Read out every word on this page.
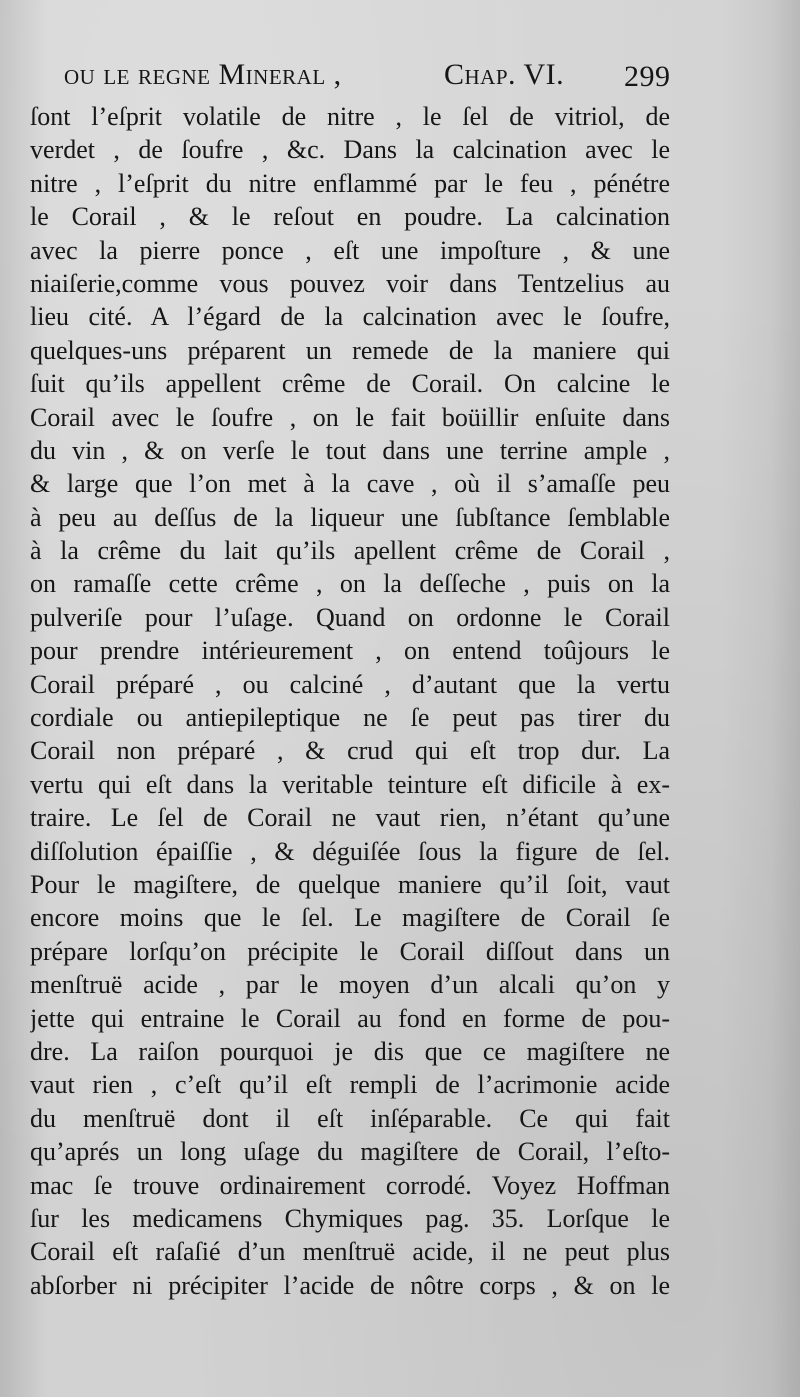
ou le regne Mineral ,	Chap. VI. 299
ſont l’eſprit volatile de nitre , le ſel de vitriol, de
verdet , de ſoufre , &c. Dans la calcination avec le
nitre , l’eſprit du nitre enflammé par le feu , pénétre
le Corail , & le reſout en poudre. La calcination
avec la pierre ponce , eſt une impoſture , & une
niaiſerie,comme vous pouvez voir dans Tentzelius au
lieu cité. A l’égard de la calcination avec le ſoufre,
quelques-uns préparent un remede de la maniere qui
ſuit qu’ils appellent crême de Corail. On calcine le
Corail avec le ſoufre , on le fait boüillir enſuite dans
du vin , & on verſe le tout dans une terrine ample ,
& large que l’on met à la cave , où il s’amaſſe peu
à peu au deſſus de la liqueur une ſubſtance ſemblable
à la crême du lait qu’ils apellent crême de Corail ,
on ramaſſe cette crême , on la deſſeche , puis on la
pulveriſe pour l’uſage. Quand on ordonne le Corail
pour prendre intérieurement , on entend toûjours le
Corail préparé , ou calciné , d’autant que la vertu
cordiale ou antiepileptique ne ſe peut pas tirer du
Corail non préparé , & crud qui eſt trop dur. La
vertu qui eſt dans la veritable teinture eſt dificile à ex-
traire. Le ſel de Corail ne vaut rien, n’étant qu’une
diſſolution épaiſſie , & déguiſée ſous la figure de ſel.
Pour le magiſtere, de quelque maniere qu’il ſoit, vaut
encore moins que le ſel. Le magiſtere de Corail ſe
prépare lorſqu’on précipite le Corail diſſout dans un
menſtruë acide , par le moyen d’un alcali qu’on y
jette qui entraine le Corail au fond en forme de pou-
dre. La raiſon pourquoi je dis que ce magiſtere ne
vaut rien , c’eſt qu’il eſt rempli de l’acrimonie acide
du menſtruë dont il eſt inſéparable. Ce qui fait
qu’aprés un long uſage du magiſtere de Corail, l’eſto-
mac ſe trouve ordinairement corrodé. Voyez Hoffman
ſur les medicamens Chymiques pag. 35. Lorſque le
Corail eſt raſaſié d’un menſtruë acide, il ne peut plus
abſorber ni précipiter l’acide de nôtre corps , & on le
